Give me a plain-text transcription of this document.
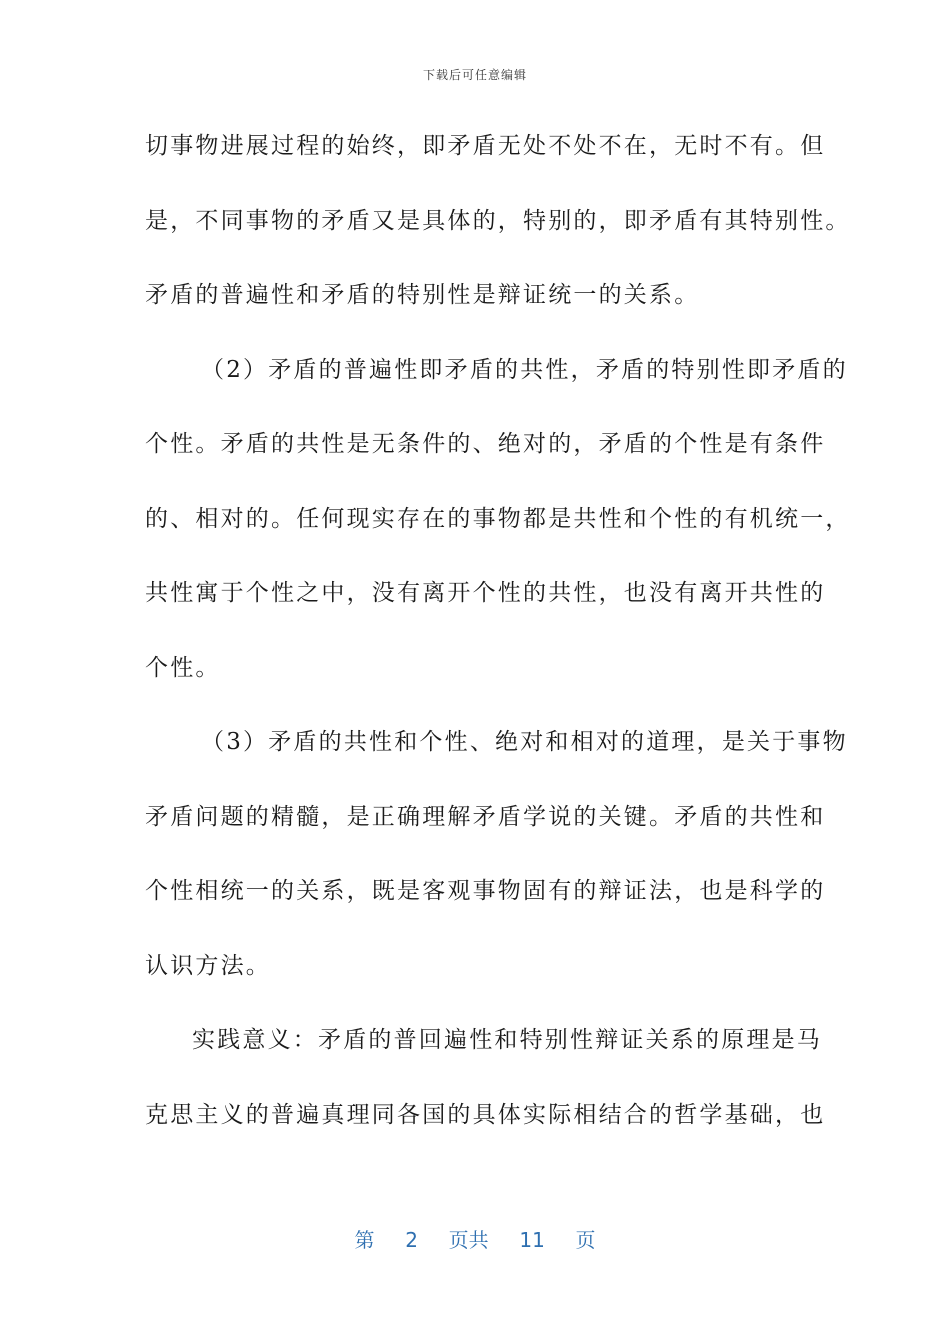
下载后可任意编辑
切事物进展过程的始终，即矛盾无处不处不在，无时不有。但
是，不同事物的矛盾又是具体的，特别的，即矛盾有其特别性。
矛盾的普遍性和矛盾的特别性是辩证统一的关系。
（2）矛盾的普遍性即矛盾的共性，矛盾的特别性即矛盾的
个性。矛盾的共性是无条件的、绝对的，矛盾的个性是有条件
的、相对的。任何现实存在的事物都是共性和个性的有机统一，
共性寓于个性之中，没有离开个性的共性，也没有离开共性的
个性。
（3）矛盾的共性和个性、绝对和相对的道理，是关于事物
矛盾问题的精髓，是正确理解矛盾学说的关键。矛盾的共性和
个性相统一的关系，既是客观事物固有的辩证法，也是科学的
认识方法。
实践意义：矛盾的普回遍性和特别性辩证关系的原理是马
克思主义的普遍真理同各国的具体实际相结合的哲学基础，也
第 2 页共 11 页
